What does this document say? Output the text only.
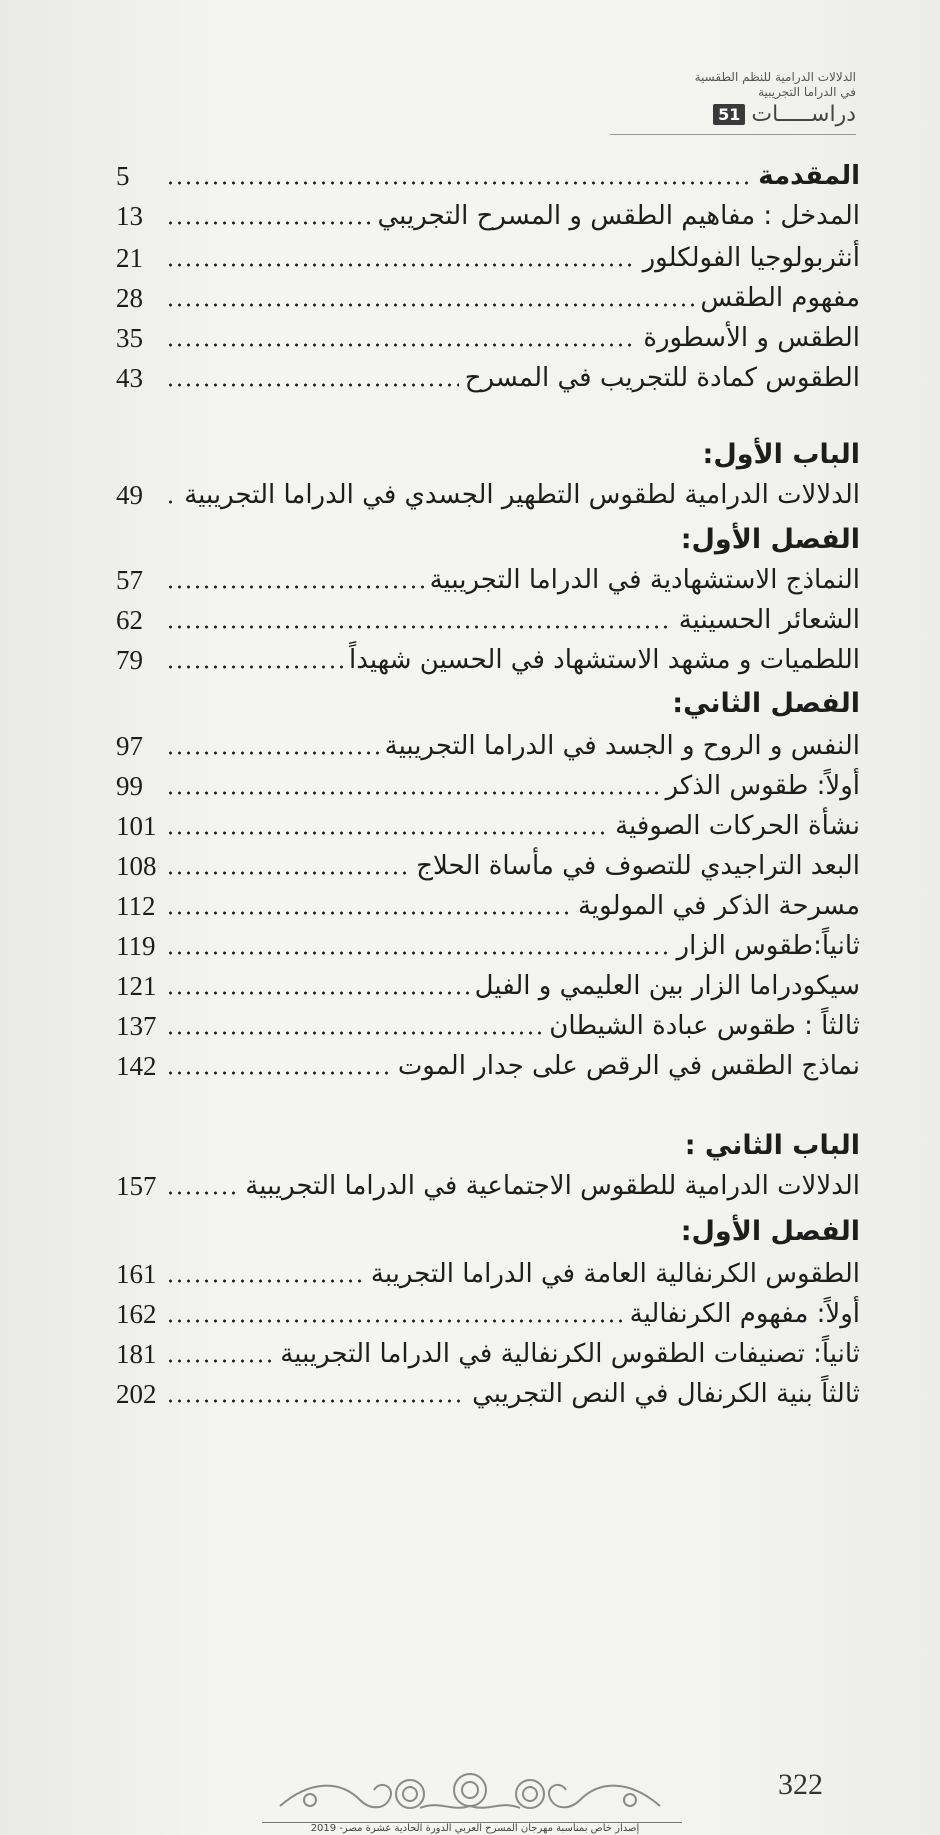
الدلالات الدرامية للنظم الطقسية
في الدراما التجريبية
دراســـــات
51
المقدمة
5
المدخل : مفاهيم الطقس و المسرح التجريبي
13
أنثربولوجيا الفولكلور
21
مفهوم الطقس
28
الطقس و الأسطورة
35
الطقوس كمادة للتجريب في المسرح
43
الباب الأول:
الدلالات الدرامية لطقوس التطهير الجسدي في الدراما التجريبية
49
الفصل الأول:
النماذج الاستشهادية في الدراما التجريبية
57
الشعائر الحسينية
62
اللطميات و مشهد الاستشهاد في الحسين شهيداً
79
الفصل الثاني:
النفس و الروح و الجسد في الدراما التجريبية
97
أولاً: طقوس الذكر
99
نشأة الحركات الصوفية
101
البعد التراجيدي للتصوف في مأساة الحلاج
108
مسرحة الذكر في المولوية
112
ثانياً:طقوس الزار
119
سيكودراما الزار بين العليمي و الفيل
121
ثالثاً : طقوس عبادة الشيطان
137
نماذج الطقس في الرقص على جدار الموت
142
الباب الثاني :
الدلالات الدرامية للطقوس الاجتماعية في الدراما التجريبية
157
الفصل الأول:
الطقوس الكرنفالية العامة في الدراما التجريبة
161
أولاً: مفهوم الكرنفالية
162
ثانياً: تصنيفات الطقوس الكرنفالية في الدراما التجريبية
181
ثالثاً بنية الكرنفال في النص التجريبي
202
322
إصدار خاص بمناسبة مهرجان المسرح العربي الدورة الحادية عشرة مصر- 2019
